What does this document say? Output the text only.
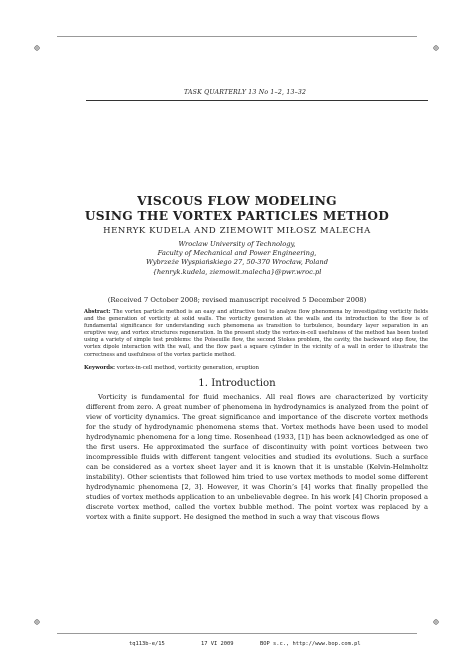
TASK QUARTERLY 13 No 1–2, 13–32
VISCOUS FLOW MODELING
USING THE VORTEX PARTICLES METHOD
HENRYK KUDELA AND ZIEMOWIT MIŁOSZ MALECHA
Wroclaw University of Technology,
Faculty of Mechanical and Power Engineering,
Wybrzeże Wyspiańskiego 27, 50-370 Wrocław, Poland
{henryk.kudela, ziemowit.malecha}@pwr.wroc.pl
(Received 7 October 2008; revised manuscript received 5 December 2008)
Abstract: The vortex particle method is an easy and attractive tool to analyze flow phenomena by investigating vorticity fields and the generation of vorticity at solid walls. The vorticity generation at the walls and its introduction to the flow is of fundamental significance for understanding such phenomena as transition to turbulence, boundary layer separation in an eruptive way, and vortex structures regeneration. In the present study the vortex-in-cell usefulness of the method has been tested using a variety of simple test problems: the Poiseuille flow, the second Stokes problem, the cavity, the backward step flow, the vortex dipole interaction with the wall, and the flow past a square cylinder in the vicinity of a wall in order to illustrate the correctness and usefulness of the vortex particle method.
Keywords: vortex-in-cell method, vorticity generation, eruption
1. Introduction

Vorticity is fundamental for fluid mechanics. All real flows are characterized by vorticity different from zero. A great number of phenomena in hydrodynamics is analyzed from the point of view of vorticity dynamics. The great significance and importance of the discrete vortex methods for the study of hydrodynamic phenomena stems that. Vortex methods have been used to model hydrodynamic phenomena for a long time. Rosenhead (1933, [1]) has been acknowledged as one of the first users. He approximated the surface of discontinuity with point vortices between two incompressible fluids with different tangent velocities and studied its evolutions. Such a surface can be considered as a vortex sheet layer and it is known that it is unstable (Kelvin-Helmholtz instability). Other scientists that followed him tried to use vortex methods to model some different hydrodynamic phenomena [2, 3]. However, it was Chorin’s [4] works that finally propelled the studies of vortex methods application to an unbelievable degree. In his work [4] Chorin proposed a discrete vortex method, called the vortex bubble method. The point vortex was replaced by a vortex with a finite support. He designed the method in such a way that viscous flows

tq113b-e/15	17 VI 2009	BOP s.c., http://www.bop.com.pl
